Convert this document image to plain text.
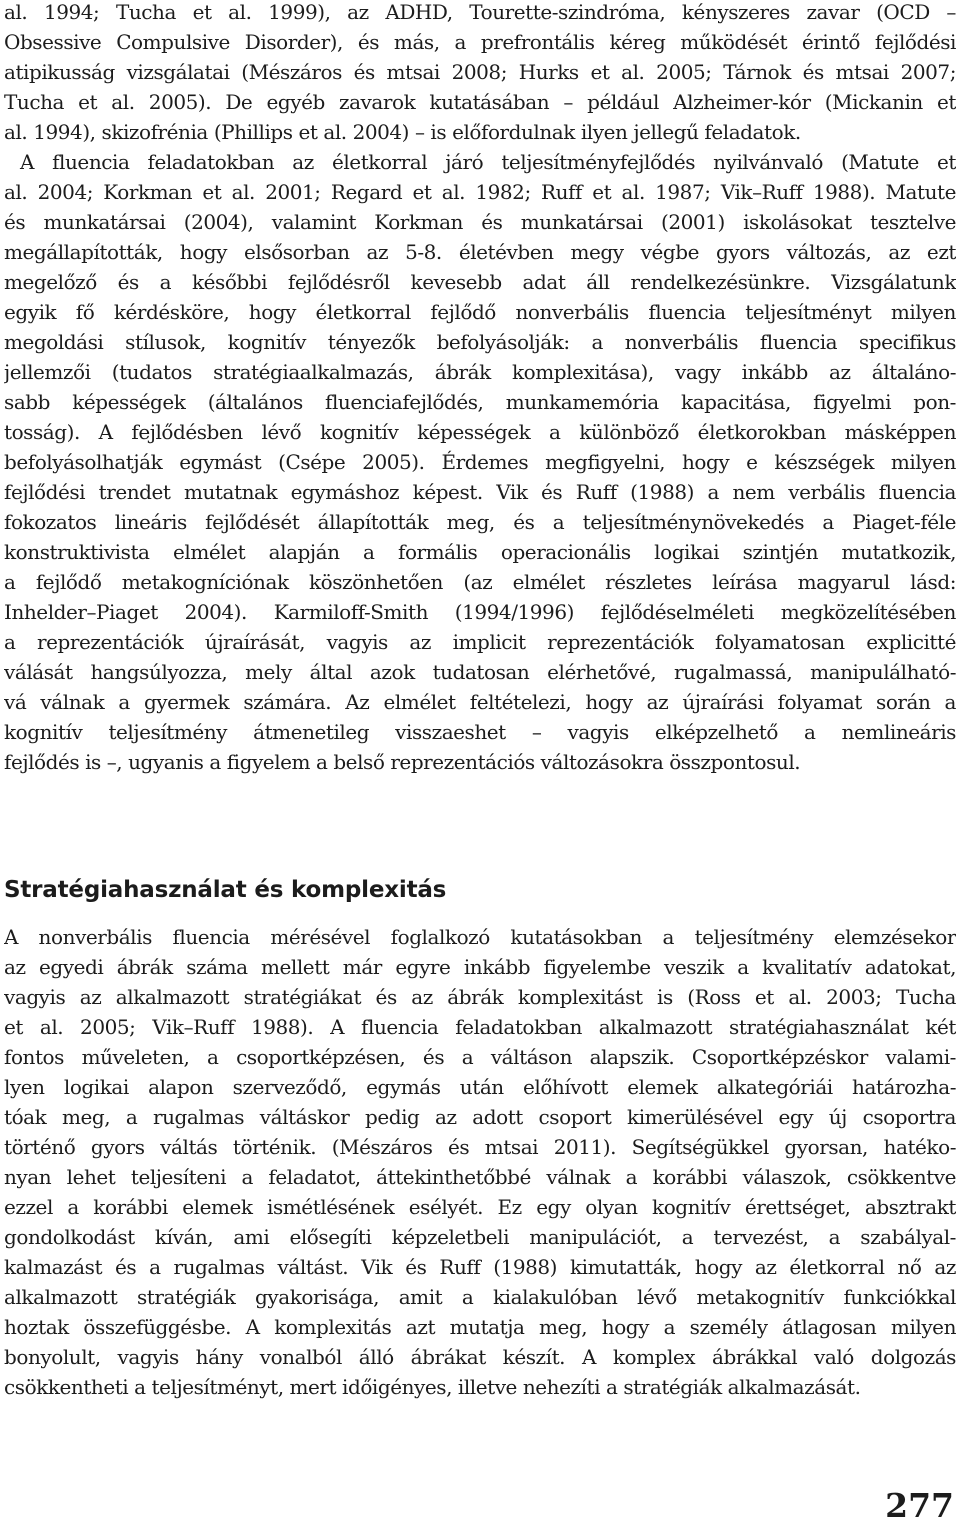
al. 1994; Tucha et al. 1999), az ADHD, Tourette-szindróma, kényszeres zavar (OCD –
Obsessive Compulsive Disorder), és más, a prefrontális kéreg működését érintő fejlődési
atipikusság vizsgálatai (Mészáros és mtsai 2008; Hurks et al. 2005; Tárnok és mtsai 2007;
Tucha et al. 2005). De egyéb zavarok kutatásában – például Alzheimer-kór (Mickanin et
al. 1994), skizofrénia (Phillips et al. 2004) – is előfordulnak ilyen jellegű feladatok.
A fluencia feladatokban az életkorral járó teljesítményfejlődés nyilvánvaló (Matute et
al. 2004; Korkman et al. 2001; Regard et al. 1982; Ruff et al. 1987; Vik–Ruff 1988). Matute
és munkatársai (2004), valamint Korkman és munkatársai (2001) iskolásokat tesztelve
megállapították, hogy elsősorban az 5-8. életévben megy végbe gyors változás, az ezt
megelőző és a későbbi fejlődésről kevesebb adat áll rendelkezésünkre. Vizsgálatunk
egyik fő kérdésköre, hogy életkorral fejlődő nonverbális fluencia teljesítményt milyen
megoldási stílusok, kognitív tényezők befolyásolják: a nonverbális fluencia specifikus
jellemzői (tudatos stratégiaalkalmazás, ábrák komplexitása), vagy inkább az általáno-
sabb képességek (általános fluenciafejlődés, munkamemória kapacitása, figyelmi pon-
tosság). A fejlődésben lévő kognitív képességek a különböző életkorokban másképpen
befolyásolhatják egymást (Csépe 2005). Érdemes megfigyelni, hogy e készségek milyen
fejlődési trendet mutatnak egymáshoz képest. Vik és Ruff (1988) a nem verbális fluencia
fokozatos lineáris fejlődését állapították meg, és a teljesítménynövekedés a Piaget-féle
konstruktivista elmélet alapján a formális operacionális logikai szintjén mutatkozik,
a fejlődő metakogníciónak köszönhetően (az elmélet részletes leírása magyarul lásd:
Inhelder–Piaget 2004). Karmiloff-Smith (1994/1996) fejlődéselméleti megközelítésében
a reprezentációk újraírását, vagyis az implicit reprezentációk folyamatosan explicitté
válását hangsúlyozza, mely által azok tudatosan elérhetővé, rugalmassá, manipulálható-
vá válnak a gyermek számára. Az elmélet feltételezi, hogy az újraírási folyamat során a
kognitív teljesítmény átmenetileg visszaeshet – vagyis elképzelhető a nemlineáris
fejlődés is –, ugyanis a figyelem a belső reprezentációs változásokra összpontosul.
Stratégiahasználat és komplexitás
A nonverbális fluencia mérésével foglalkozó kutatásokban a teljesítmény elemzésekor
az egyedi ábrák száma mellett már egyre inkább figyelembe veszik a kvalitatív adatokat,
vagyis az alkalmazott stratégiákat és az ábrák komplexitást is (Ross et al. 2003; Tucha
et al. 2005; Vik–Ruff 1988). A fluencia feladatokban alkalmazott stratégiahasználat két
fontos műveleten, a csoportképzésen, és a váltáson alapszik. Csoportképzéskor valami-
lyen logikai alapon szerveződő, egymás után előhívott elemek alkategóriái határozha-
tóak meg, a rugalmas váltáskor pedig az adott csoport kimerülésével egy új csoportra
történő gyors váltás történik. (Mészáros és mtsai 2011). Segítségükkel gyorsan, hatéko-
nyan lehet teljesíteni a feladatot, áttekinthetőbbé válnak a korábbi válaszok, csökkentve
ezzel a korábbi elemek ismétlésének esélyét. Ez egy olyan kognitív érettséget, absztrakt
gondolkodást kíván, ami elősegíti képzeletbeli manipulációt, a tervezést, a szabályal-
kalmazást és a rugalmas váltást. Vik és Ruff (1988) kimutatták, hogy az életkorral nő az
alkalmazott stratégiák gyakorisága, amit a kialakulóban lévő metakognitív funkciókkal
hoztak összefüggésbe. A komplexitás azt mutatja meg, hogy a személy átlagosan milyen
bonyolult, vagyis hány vonalból álló ábrákat készít. A komplex ábrákkal való dolgozás
csökkentheti a teljesítményt, mert időigényes, illetve nehezíti a stratégiák alkalmazását.
277
